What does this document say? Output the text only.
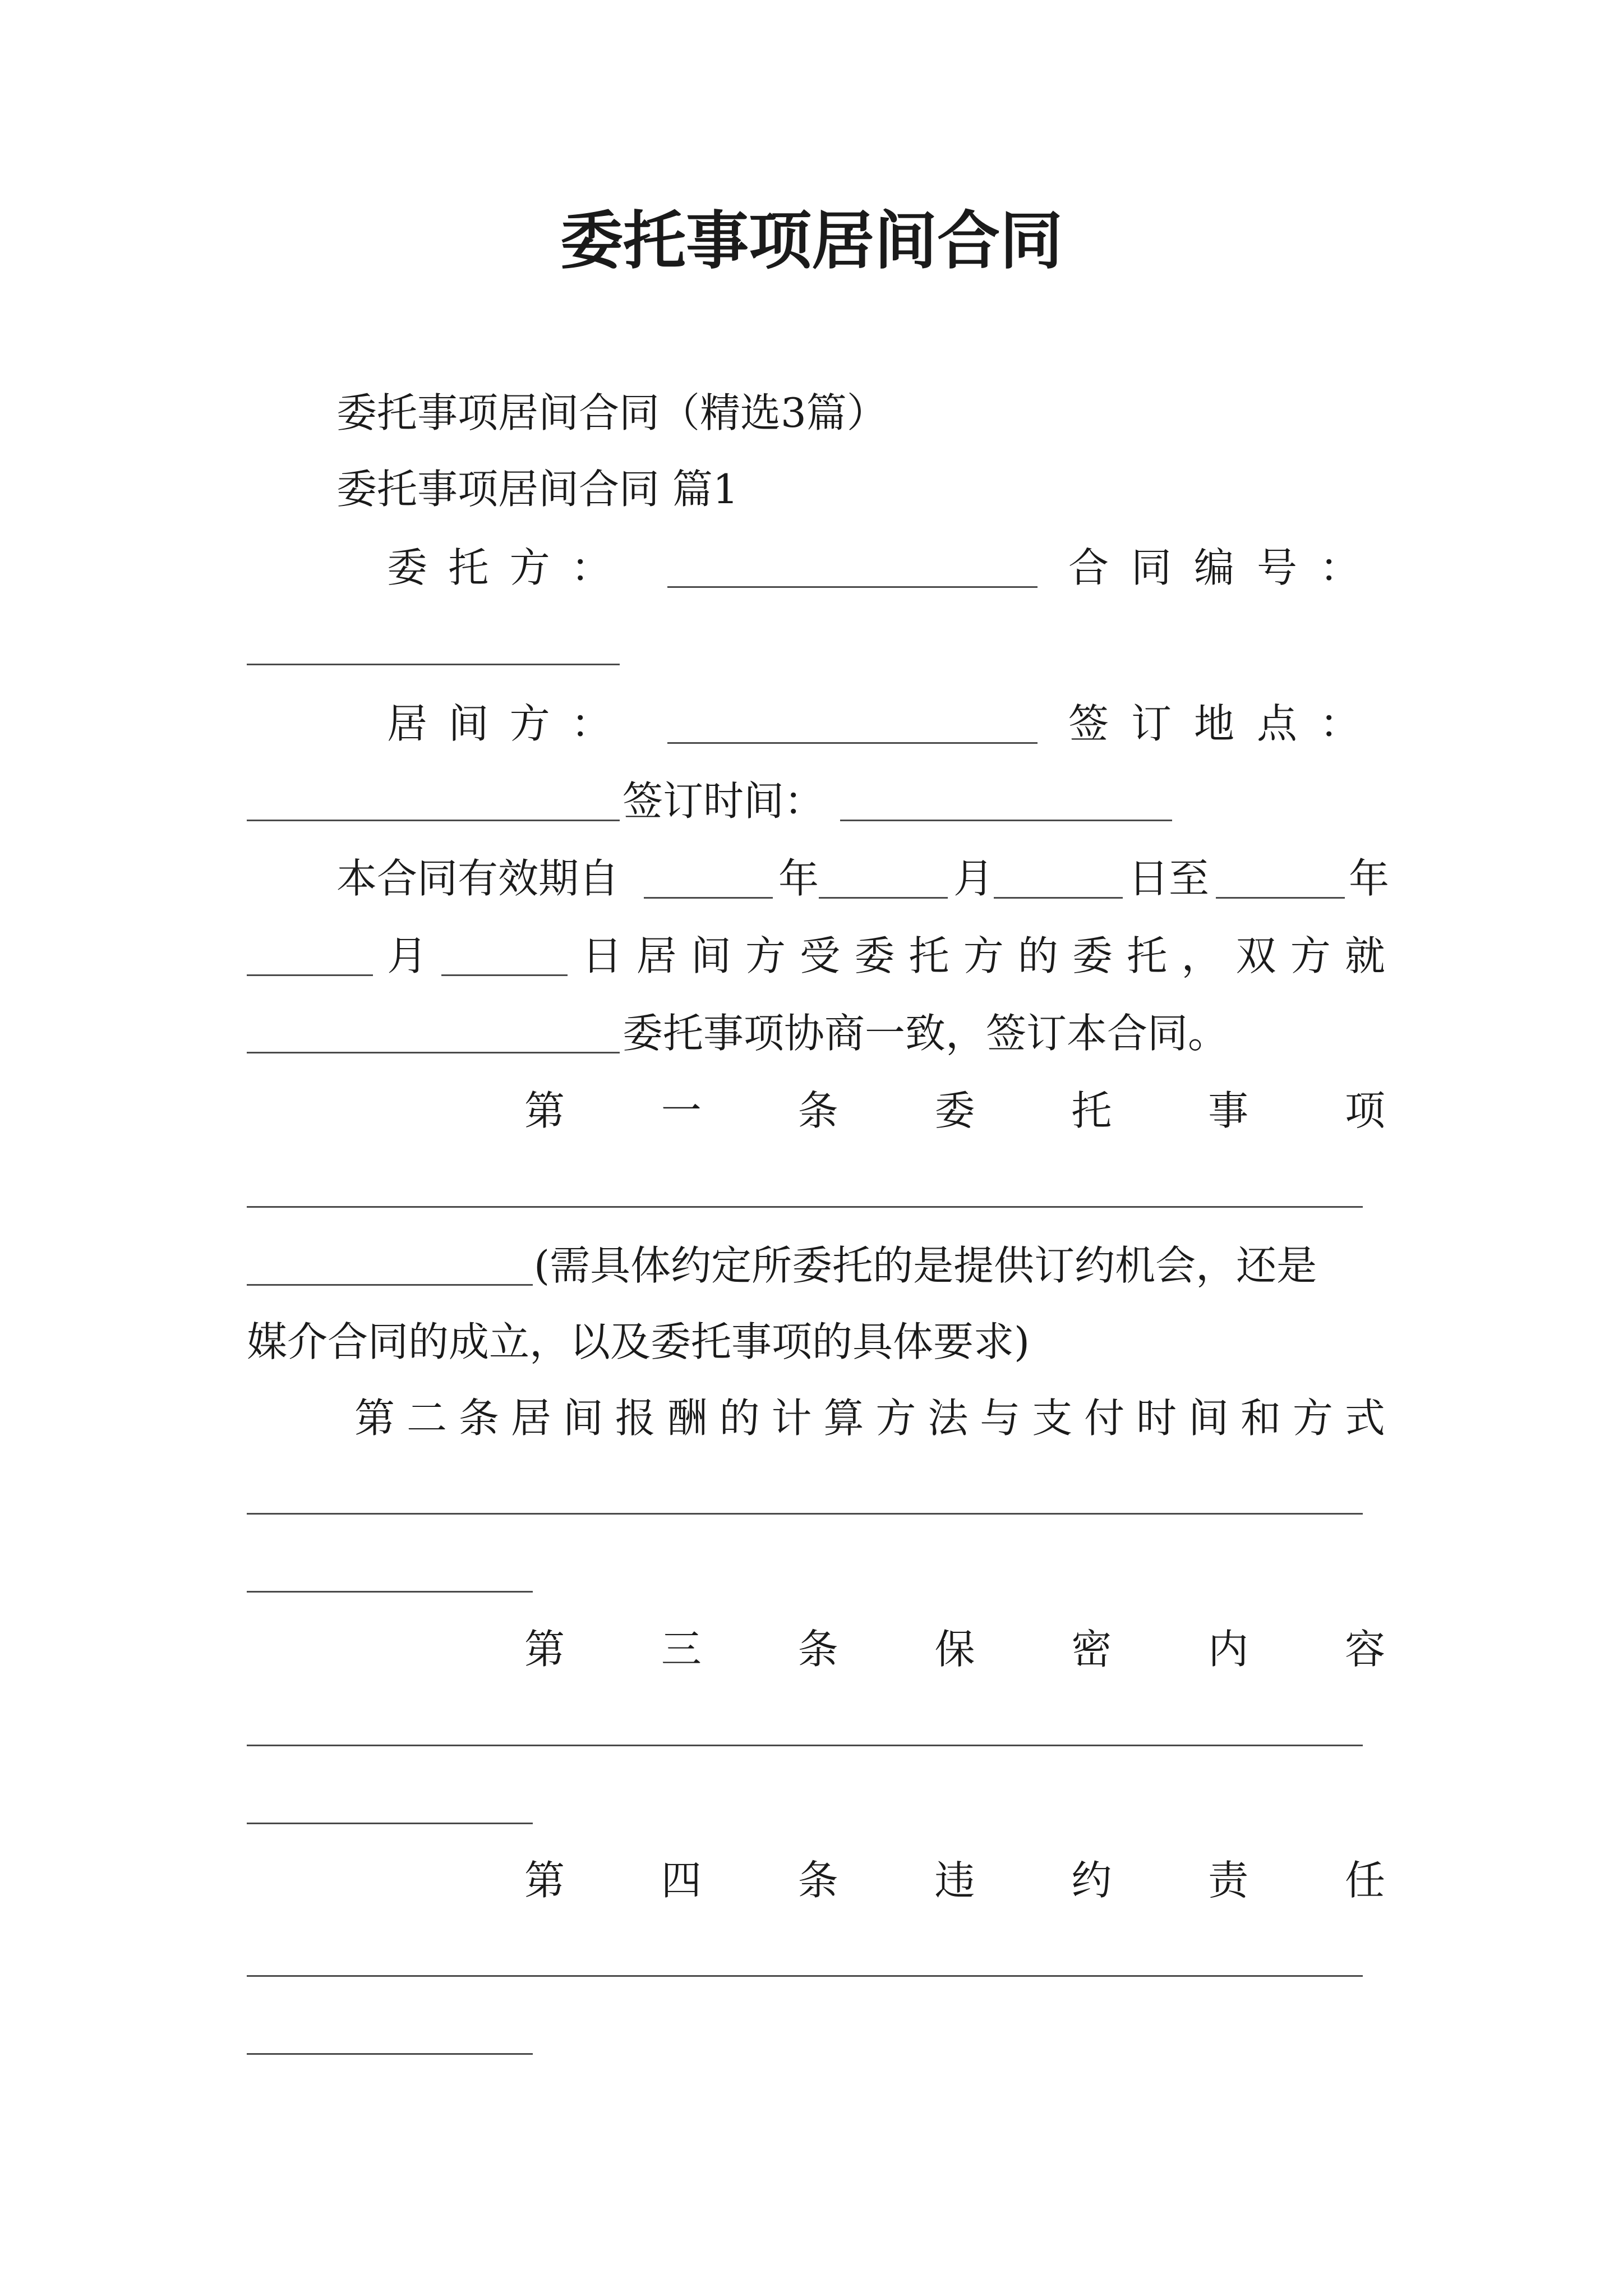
委托事项居间合同
委托事项居间合同（精选3篇）
委托事项居间合同 篇1
委 托 方 ：	合 同 编 号 ：
居 间 方 ：	签 订 地 点 ：
签订时间：
本合同有效期自	年	月	日至	年
月	日 居 间 方 受 委 托 方 的 委 托 ， 双 方 就
委托事项协商一致，签订本合同。
第 一 条 委 托 事 项
(需具体约定所委托的是提供订约机会，还是
媒介合同的成立，以及委托事项的具体要求)
第 二 条 居 间 报 酬 的 计 算 方 法 与 支 付 时 间 和 方 式
第 三 条 保 密 内 容
第 四 条 违 约 责 任
